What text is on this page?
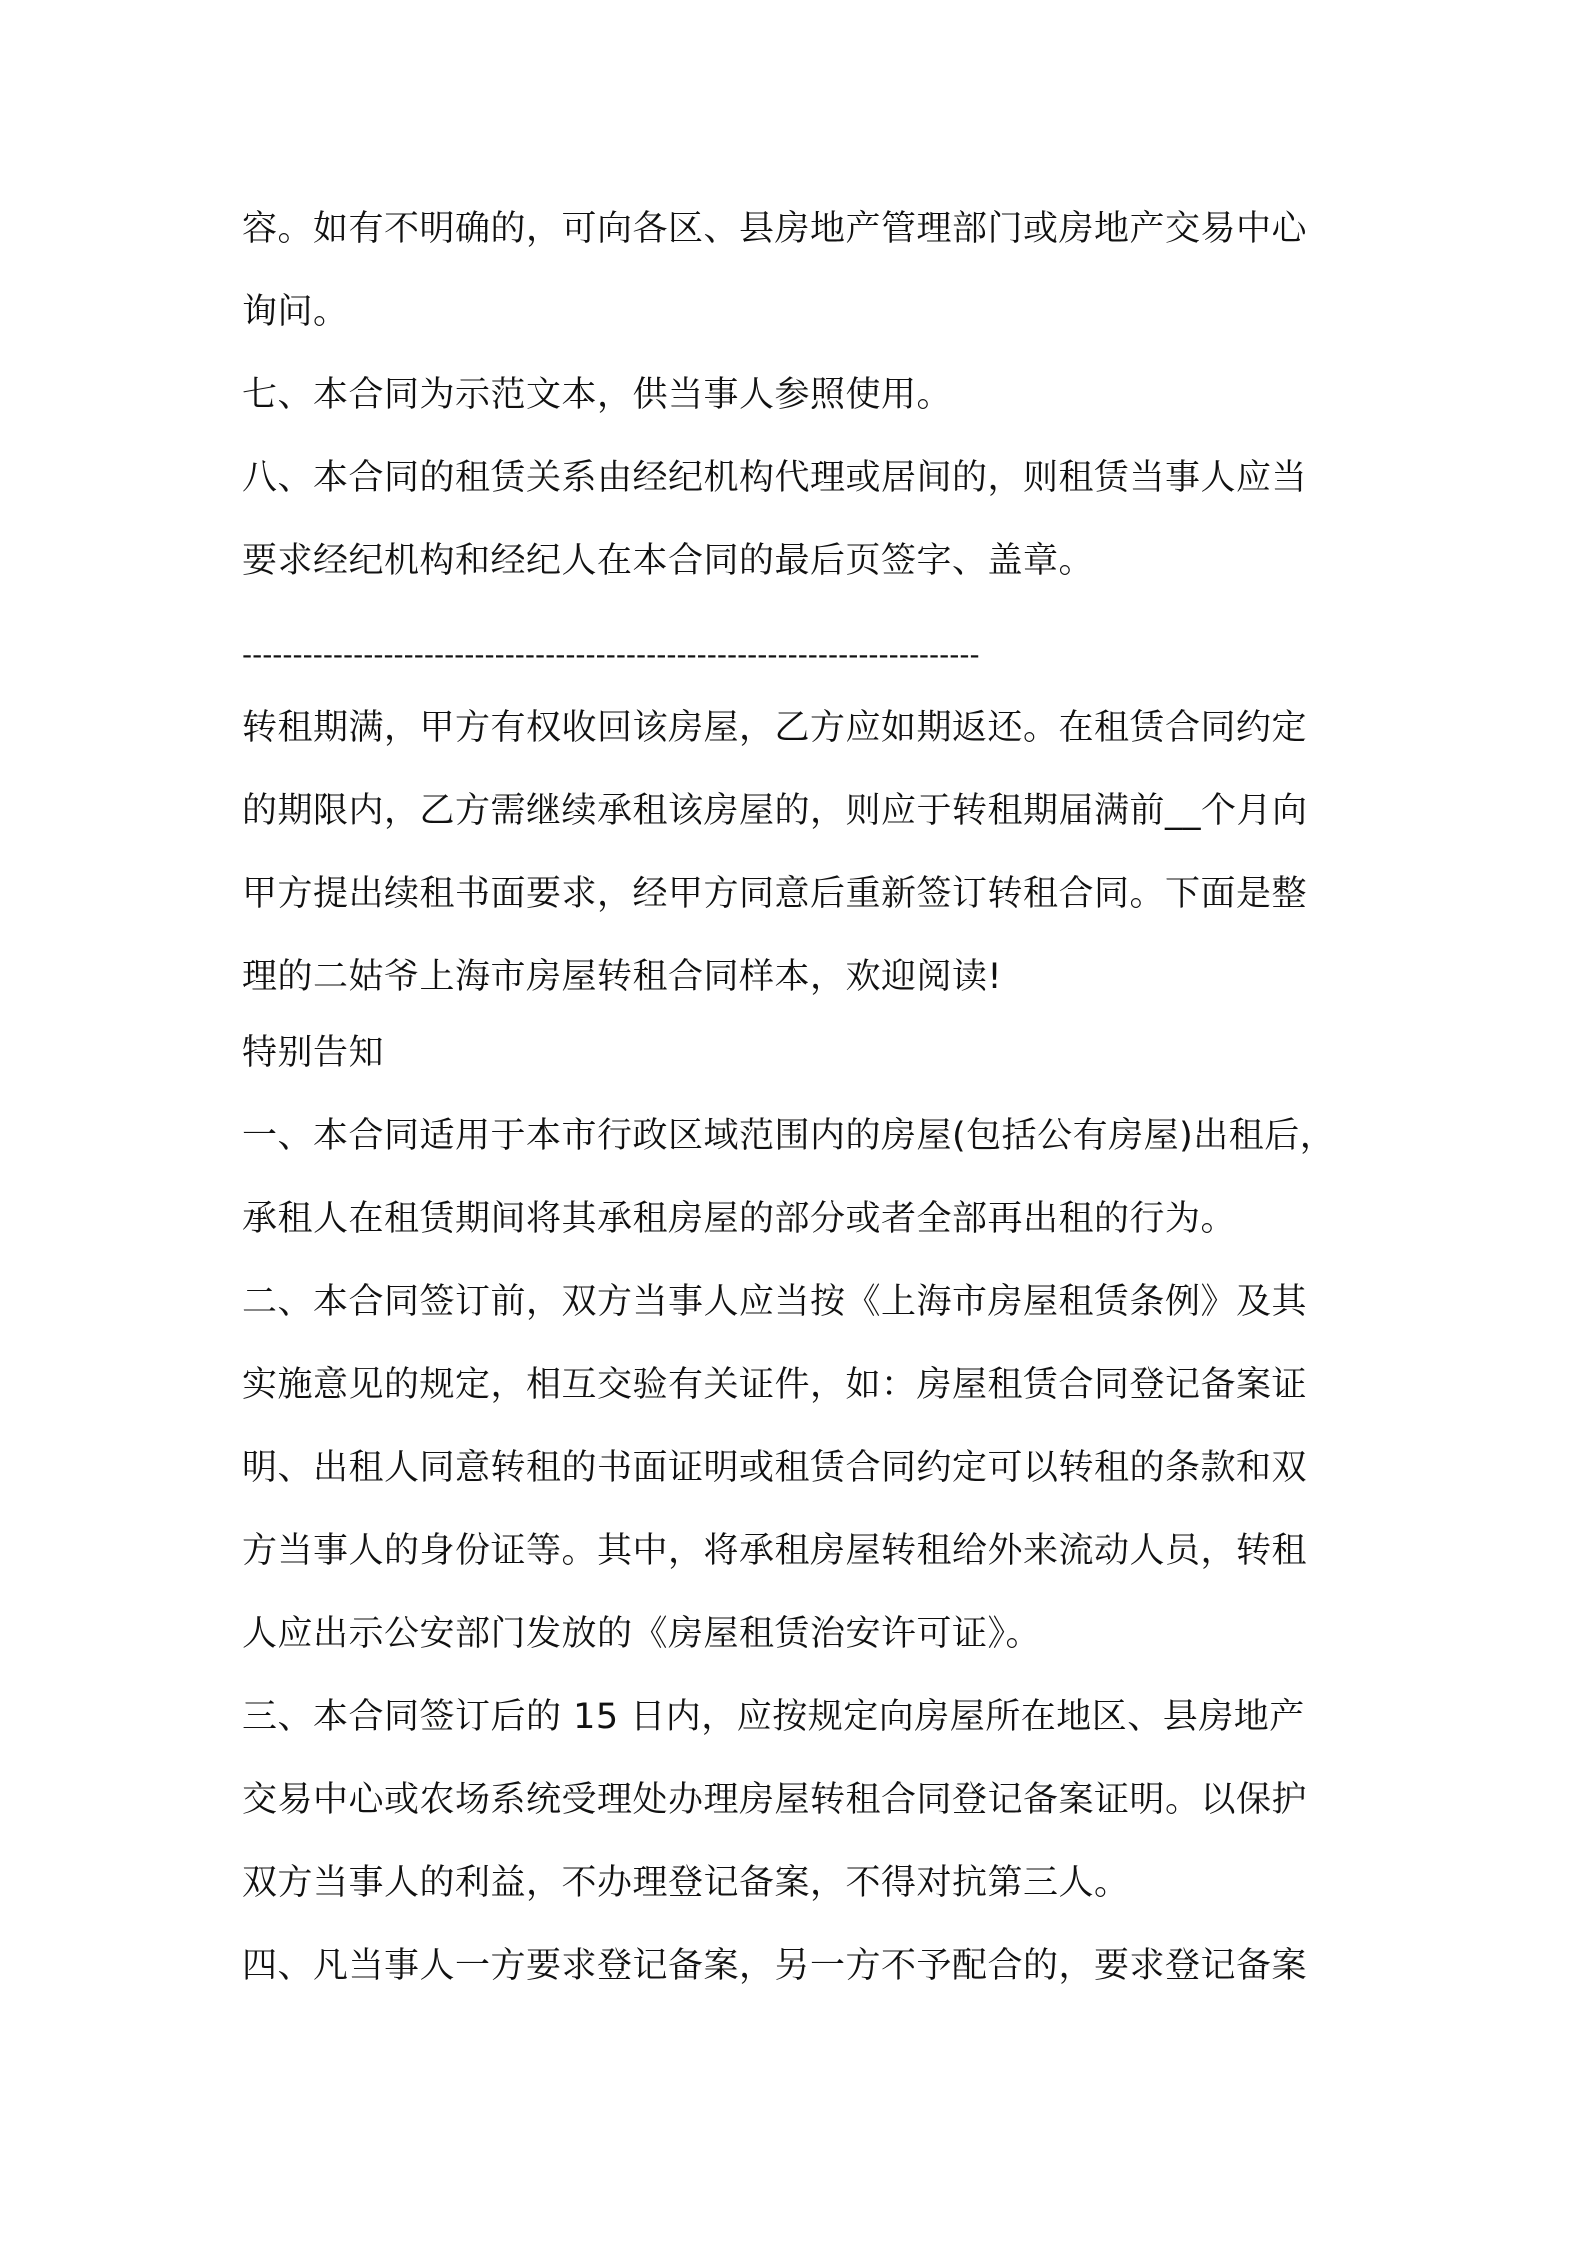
容。如有不明确的，可向各区、县房地产管理部门或房地产交易中心
询问。
七、本合同为示范文本，供当事人参照使用。
八、本合同的租赁关系由经纪机构代理或居间的，则租赁当事人应当
要求经纪机构和经纪人在本合同的最后页签字、盖章。
-------------------------------------------------------------------------
转租期满，甲方有权收回该房屋，乙方应如期返还。在租赁合同约定
的期限内，乙方需继续承租该房屋的，则应于转租期届满前__个月向
甲方提出续租书面要求，经甲方同意后重新签订转租合同。下面是整
理的二姑爷上海市房屋转租合同样本，欢迎阅读!
特别告知
一、本合同适用于本市行政区域范围内的房屋(包括公有房屋)出租后，
承租人在租赁期间将其承租房屋的部分或者全部再出租的行为。
二、本合同签订前，双方当事人应当按《上海市房屋租赁条例》及其
实施意见的规定，相互交验有关证件，如：房屋租赁合同登记备案证
明、出租人同意转租的书面证明或租赁合同约定可以转租的条款和双
方当事人的身份证等。其中，将承租房屋转租给外来流动人员，转租
人应出示公安部门发放的《房屋租赁治安许可证》。
三、本合同签订后的 15 日内，应按规定向房屋所在地区、县房地产
交易中心或农场系统受理处办理房屋转租合同登记备案证明。以保护
双方当事人的利益，不办理登记备案，不得对抗第三人。
四、凡当事人一方要求登记备案，另一方不予配合的，要求登记备案
